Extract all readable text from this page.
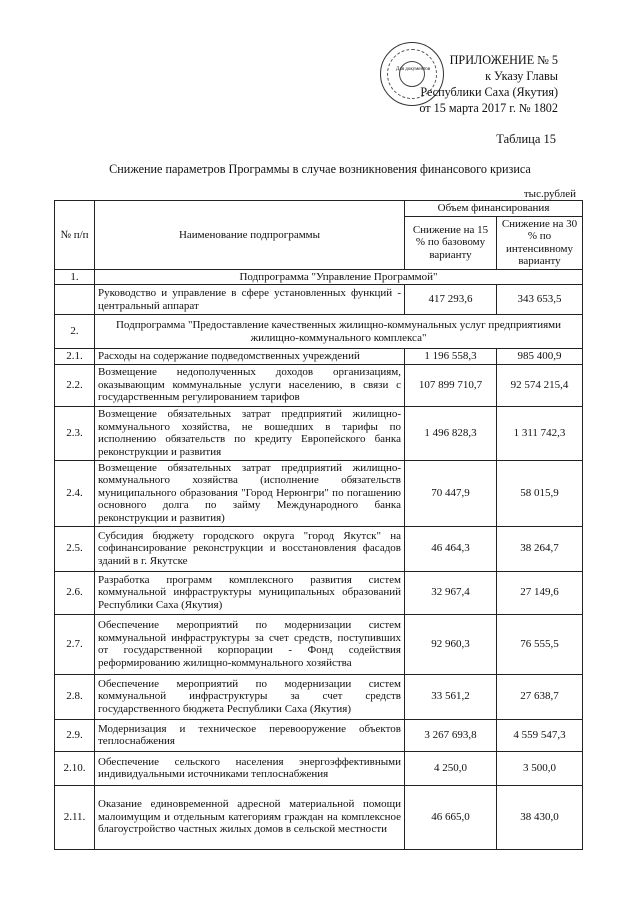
Для документов
ПРИЛОЖЕНИЕ № 5
к Указу Главы
Республики Саха (Якутия)
от 15 марта 2017 г. № 1802
Таблица 15
Снижение параметров Программы в случае возникновения финансового кризиса
тыс.рублей
№ п/п	Наименование подпрограммы	Объем финансирования	
		Снижение на 15 % по базовому варианту	Снижение на 30 % по интенсивному варианту
1.	Подпрограмма "Управление Программой"		
	Руководство и управление в сфере установленных функций - центральный аппарат	417 293,6	343 653,5
2.	Подпрограмма "Предоставление качественных жилищно-коммунальных услуг предприятиями жилищно-коммунального комплекса"		
2.1.	Расходы на содержание подведомственных учреждений	1 196 558,3	985 400,9
2.2.	Возмещение недополученных доходов организациям, оказывающим коммунальные услуги населению, в связи с государственным регулированием тарифов	107 899 710,7	92 574 215,4
2.3.	Возмещение обязательных затрат предприятий жилищно-коммунального хозяйства, не вошедших в тарифы по исполнению обязательств по кредиту Европейского банка реконструкции и развития	1 496 828,3	1 311 742,3
2.4.	Возмещение обязательных затрат предприятий жилищно-коммунального хозяйства (исполнение обязательств муниципального образования "Город Нерюнгри" по погашению основного долга по займу Международного банка реконструкции и развития)	70 447,9	58 015,9
2.5.	Субсидия бюджету городского округа "город Якутск" на софинансирование реконструкции и восстановления фасадов зданий в г. Якутске	46 464,3	38 264,7
2.6.	Разработка программ комплексного развития систем коммунальной инфраструктуры муниципальных образований Республики Саха (Якутия)	32 967,4	27 149,6
2.7.	Обеспечение мероприятий по модернизации систем коммунальной инфраструктуры за счет средств, поступивших от государственной корпорации - Фонд содействия реформированию жилищно-коммунального хозяйства	92 960,3	76 555,5
2.8.	Обеспечение мероприятий по модернизации систем коммунальной инфраструктуры за счет средств государственного бюджета Республики Саха (Якутия)	33 561,2	27 638,7
2.9.	Модернизация и техническое перевооружение объектов теплоснабжения	3 267 693,8	4 559 547,3
2.10.	Обеспечение сельского населения энергоэффективными индивидуальными источниками теплоснабжения	4 250,0	3 500,0
2.11.	Оказание единовременной адресной материальной помощи малоимущим и отдельным категориям граждан на комплексное благоустройство частных жилых домов в сельской местности	46 665,0	38 430,0
